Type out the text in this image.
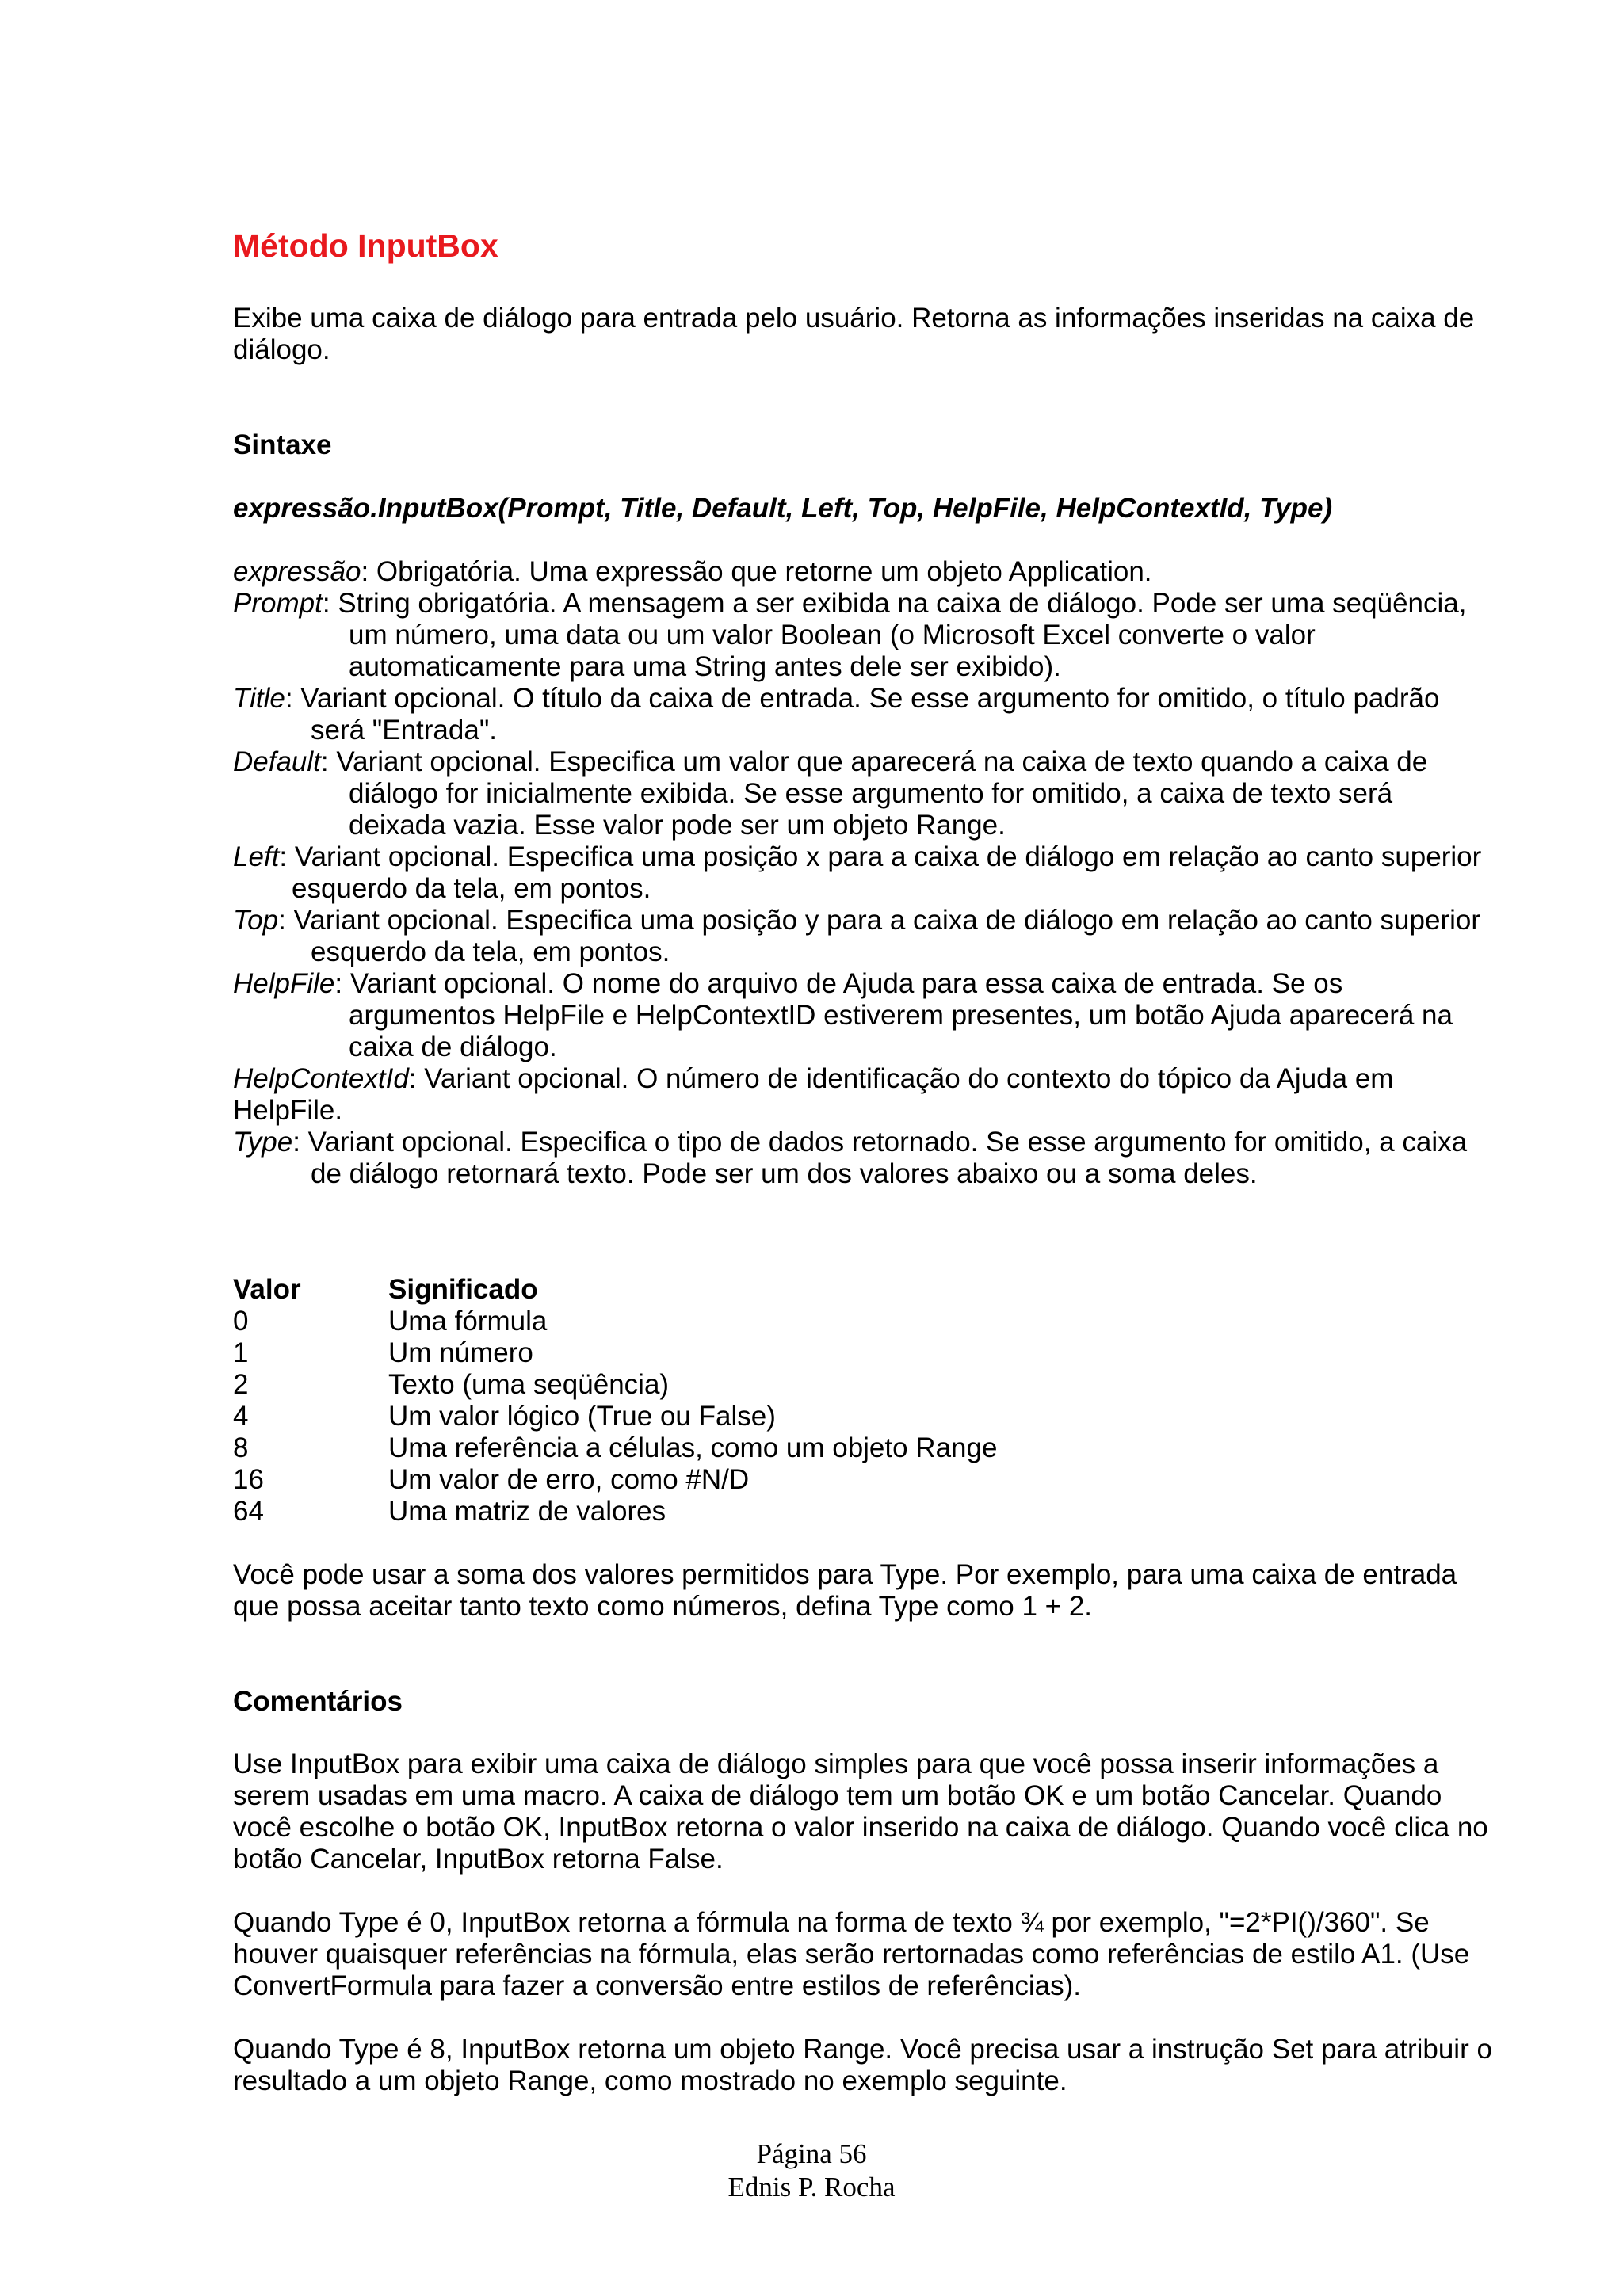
Método InputBox
Exibe uma caixa de diálogo para entrada pelo usuário. Retorna as informações inseridas na caixa de diálogo.
Sintaxe
expressão.InputBox(Prompt, Title, Default, Left, Top, HelpFile, HelpContextId, Type)
expressão: Obrigatória. Uma expressão que retorne um objeto Application.
Prompt: String obrigatória. A mensagem a ser exibida na caixa de diálogo. Pode ser uma seqüência,
um número, uma data ou um valor Boolean (o Microsoft Excel converte o valor
automaticamente para uma String antes dele ser exibido).
Title: Variant opcional. O título da caixa de entrada. Se esse argumento for omitido, o título padrão
será "Entrada".
Default: Variant opcional. Especifica um valor que aparecerá na caixa de texto quando a caixa de
diálogo for inicialmente exibida. Se esse argumento for omitido, a caixa de texto será
deixada vazia. Esse valor pode ser um objeto Range.
Left: Variant opcional. Especifica uma posição x para a caixa de diálogo em relação ao canto superior
esquerdo da tela, em pontos.
Top: Variant opcional. Especifica uma posição y para a caixa de diálogo em relação ao canto superior
esquerdo da tela, em pontos.
HelpFile: Variant opcional. O nome do arquivo de Ajuda para essa caixa de entrada. Se os
argumentos HelpFile e HelpContextID estiverem presentes, um botão Ajuda aparecerá na
caixa de diálogo.
HelpContextId: Variant opcional. O número de identificação do contexto do tópico da Ajuda em
HelpFile.
Type: Variant opcional. Especifica o tipo de dados retornado. Se esse argumento for omitido, a caixa
de diálogo retornará texto. Pode ser um dos valores abaixo ou a soma deles.
Valor	Significado
0	Uma fórmula
1	Um número
2	Texto (uma seqüência)
4	Um valor lógico (True ou False)
8	Uma referência a células, como um objeto Range
16	Um valor de erro, como #N/D
64	Uma matriz de valores
Você pode usar a soma dos valores permitidos para Type. Por exemplo, para uma caixa de entrada que possa aceitar tanto texto como números, defina Type como 1 + 2.
Comentários
Use InputBox para exibir uma caixa de diálogo simples para que você possa inserir informações a serem usadas em uma macro. A caixa de diálogo tem um botão OK e um botão Cancelar. Quando você escolhe o botão OK, InputBox retorna o valor inserido na caixa de diálogo. Quando você clica no botão Cancelar, InputBox retorna False.
Quando Type é 0, InputBox retorna a fórmula na forma de texto ¾ por exemplo, "=2*PI()/360". Se houver quaisquer referências na fórmula, elas serão rertornadas como referências de estilo A1. (Use ConvertFormula para fazer a conversão entre estilos de referências).
Quando Type é 8, InputBox retorna um objeto Range. Você precisa usar a instrução Set para atribuir o resultado a um objeto Range, como mostrado no exemplo seguinte.
Página 56
Ednis P. Rocha
